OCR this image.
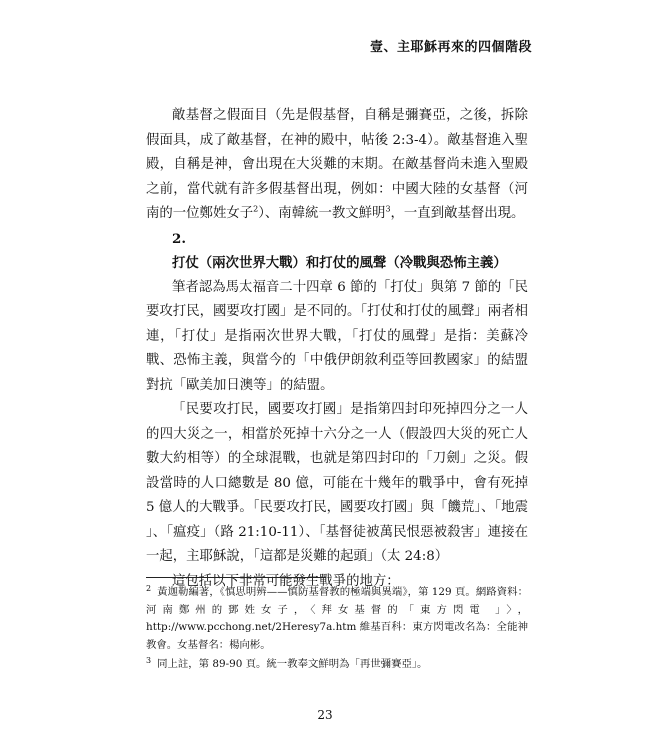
壹、主耶穌再來的四個階段

敵基督之假面目（先是假基督，自稱是彌賽亞，之後，拆除假面具，成了敵基督，在神的殿中，帖後 2:3-4）。敵基督進入聖殿，自稱是神，會出現在大災難的末期。在敵基督尚未進入聖殿之前，當代就有許多假基督出現，例如：中國大陸的女基督（河南的一位鄭姓女子$^2$）、南韓統一教文鮮明$^3$，一直到敵基督出現。

2.打仗（兩次世界大戰）和打仗的風聲（冷戰與恐怖主義）

筆者認為馬太福音二十四章 6 節的「打仗」與第 7 節的「民要攻打民，國要攻打國」是不同的。「打仗和打仗的風聲」兩者相連，「打仗」是指兩次世界大戰，「打仗的風聲」是指：美蘇冷戰、恐怖主義，與當今的「中俄伊朗敘利亞等回教國家」的結盟對抗「歐美加日澳等」的結盟。

「民要攻打民，國要攻打國」是指第四封印死掉四分之一人的四大災之一，相當於死掉十六分之一人（假設四大災的死亡人數大約相等）的全球混戰，也就是第四封印的「刀劍」之災。假設當時的人口總數是 80 億，可能在十幾年的戰爭中，會有死掉 5 億人的大戰爭。「民要攻打民，國要攻打國」與「饑荒」、「地震 」、「瘟疫」（路 21:10-11）、「基督徒被萬民恨惡被殺害」連接在一起，主耶穌說，「這都是災難的起頭」（太 24:8）

這包括以下非常可能發生戰爭的地方：

$^2$ 黃迦勒編著，《慎思明辨——慎防基督教的極端與異端》，第 129 頁。網路資料：河南鄭州的鄧姓女子，〈拜女基督的「東方閃電 」〉，http://www.pcchong.net/2Heresy7a.htm 維基百科：東方閃電改名為：全能神教會。女基督名：楊向彬。

$^3$ 同上註，第 89-90 頁。統一教奉文鮮明為「再世彌賽亞」。

23
